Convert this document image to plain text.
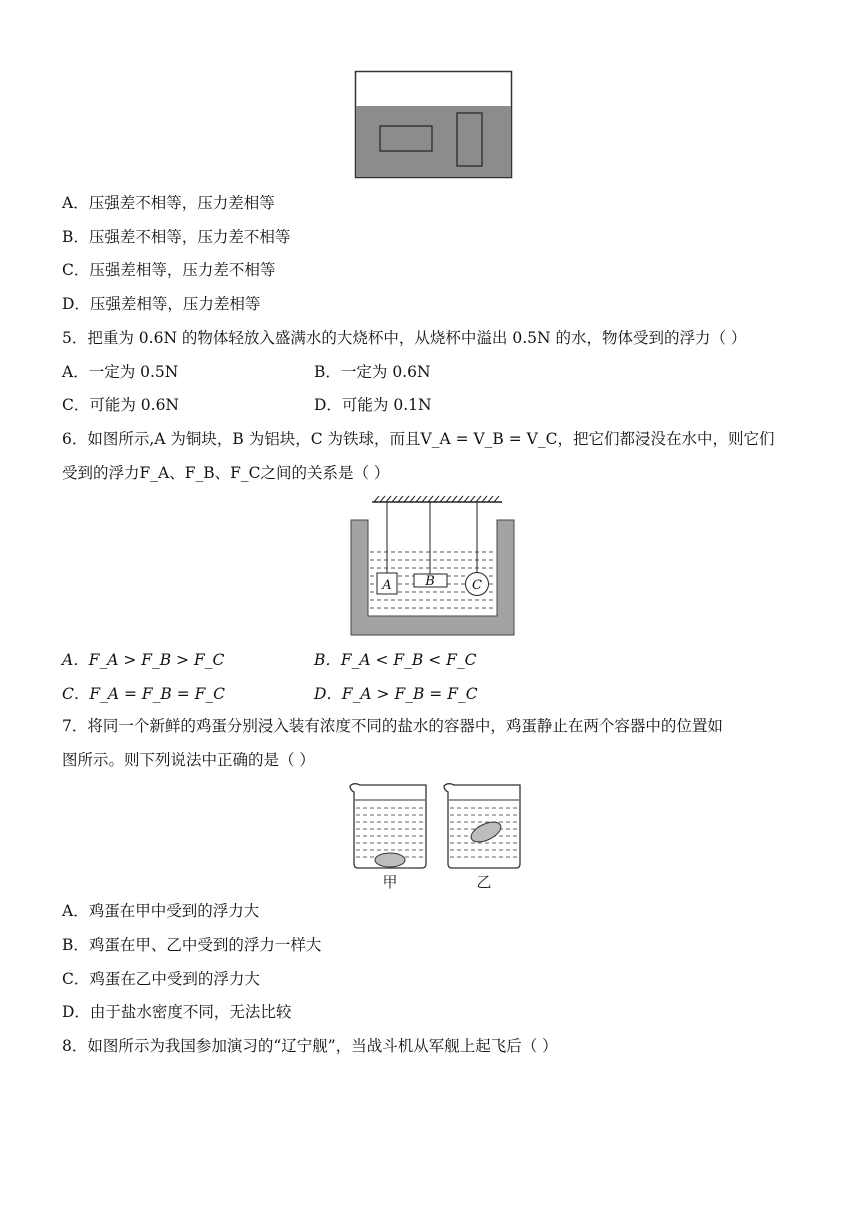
A．压强差不相等，压力差相等
B．压强差不相等，压力差不相等
C．压强差相等，压力差不相等
D．压强差相等，压力差相等
5．把重为 0.6N 的物体轻放入盛满水的大烧杯中，从烧杯中溢出 0.5N 的水，物体受到的浮力（ ）
A．一定为 0.5N	B．一定为 0.6N
C．可能为 0.6N	D．可能为 0.1N
6．如图所示,A 为铜块，B 为铝块，C 为铁球，而且V_A = V_B = V_C，把它们都浸没在水中，则它们
受到的浮力F_A、F_B、F_C之间的关系是（ ）
A	B	C
A．F_A > F_B > F_C	B．F_A < F_B < F_C
C．F_A = F_B = F_C	D．F_A > F_B = F_C
7．将同一个新鲜的鸡蛋分别浸入装有浓度不同的盐水的容器中，鸡蛋静止在两个容器中的位置如
图所示。则下列说法中正确的是（ ）
甲	乙
A．鸡蛋在甲中受到的浮力大
B．鸡蛋在甲、乙中受到的浮力一样大
C．鸡蛋在乙中受到的浮力大
D．由于盐水密度不同，无法比较
8．如图所示为我国参加演习的“辽宁舰”，当战斗机从军舰上起飞后（ ）
